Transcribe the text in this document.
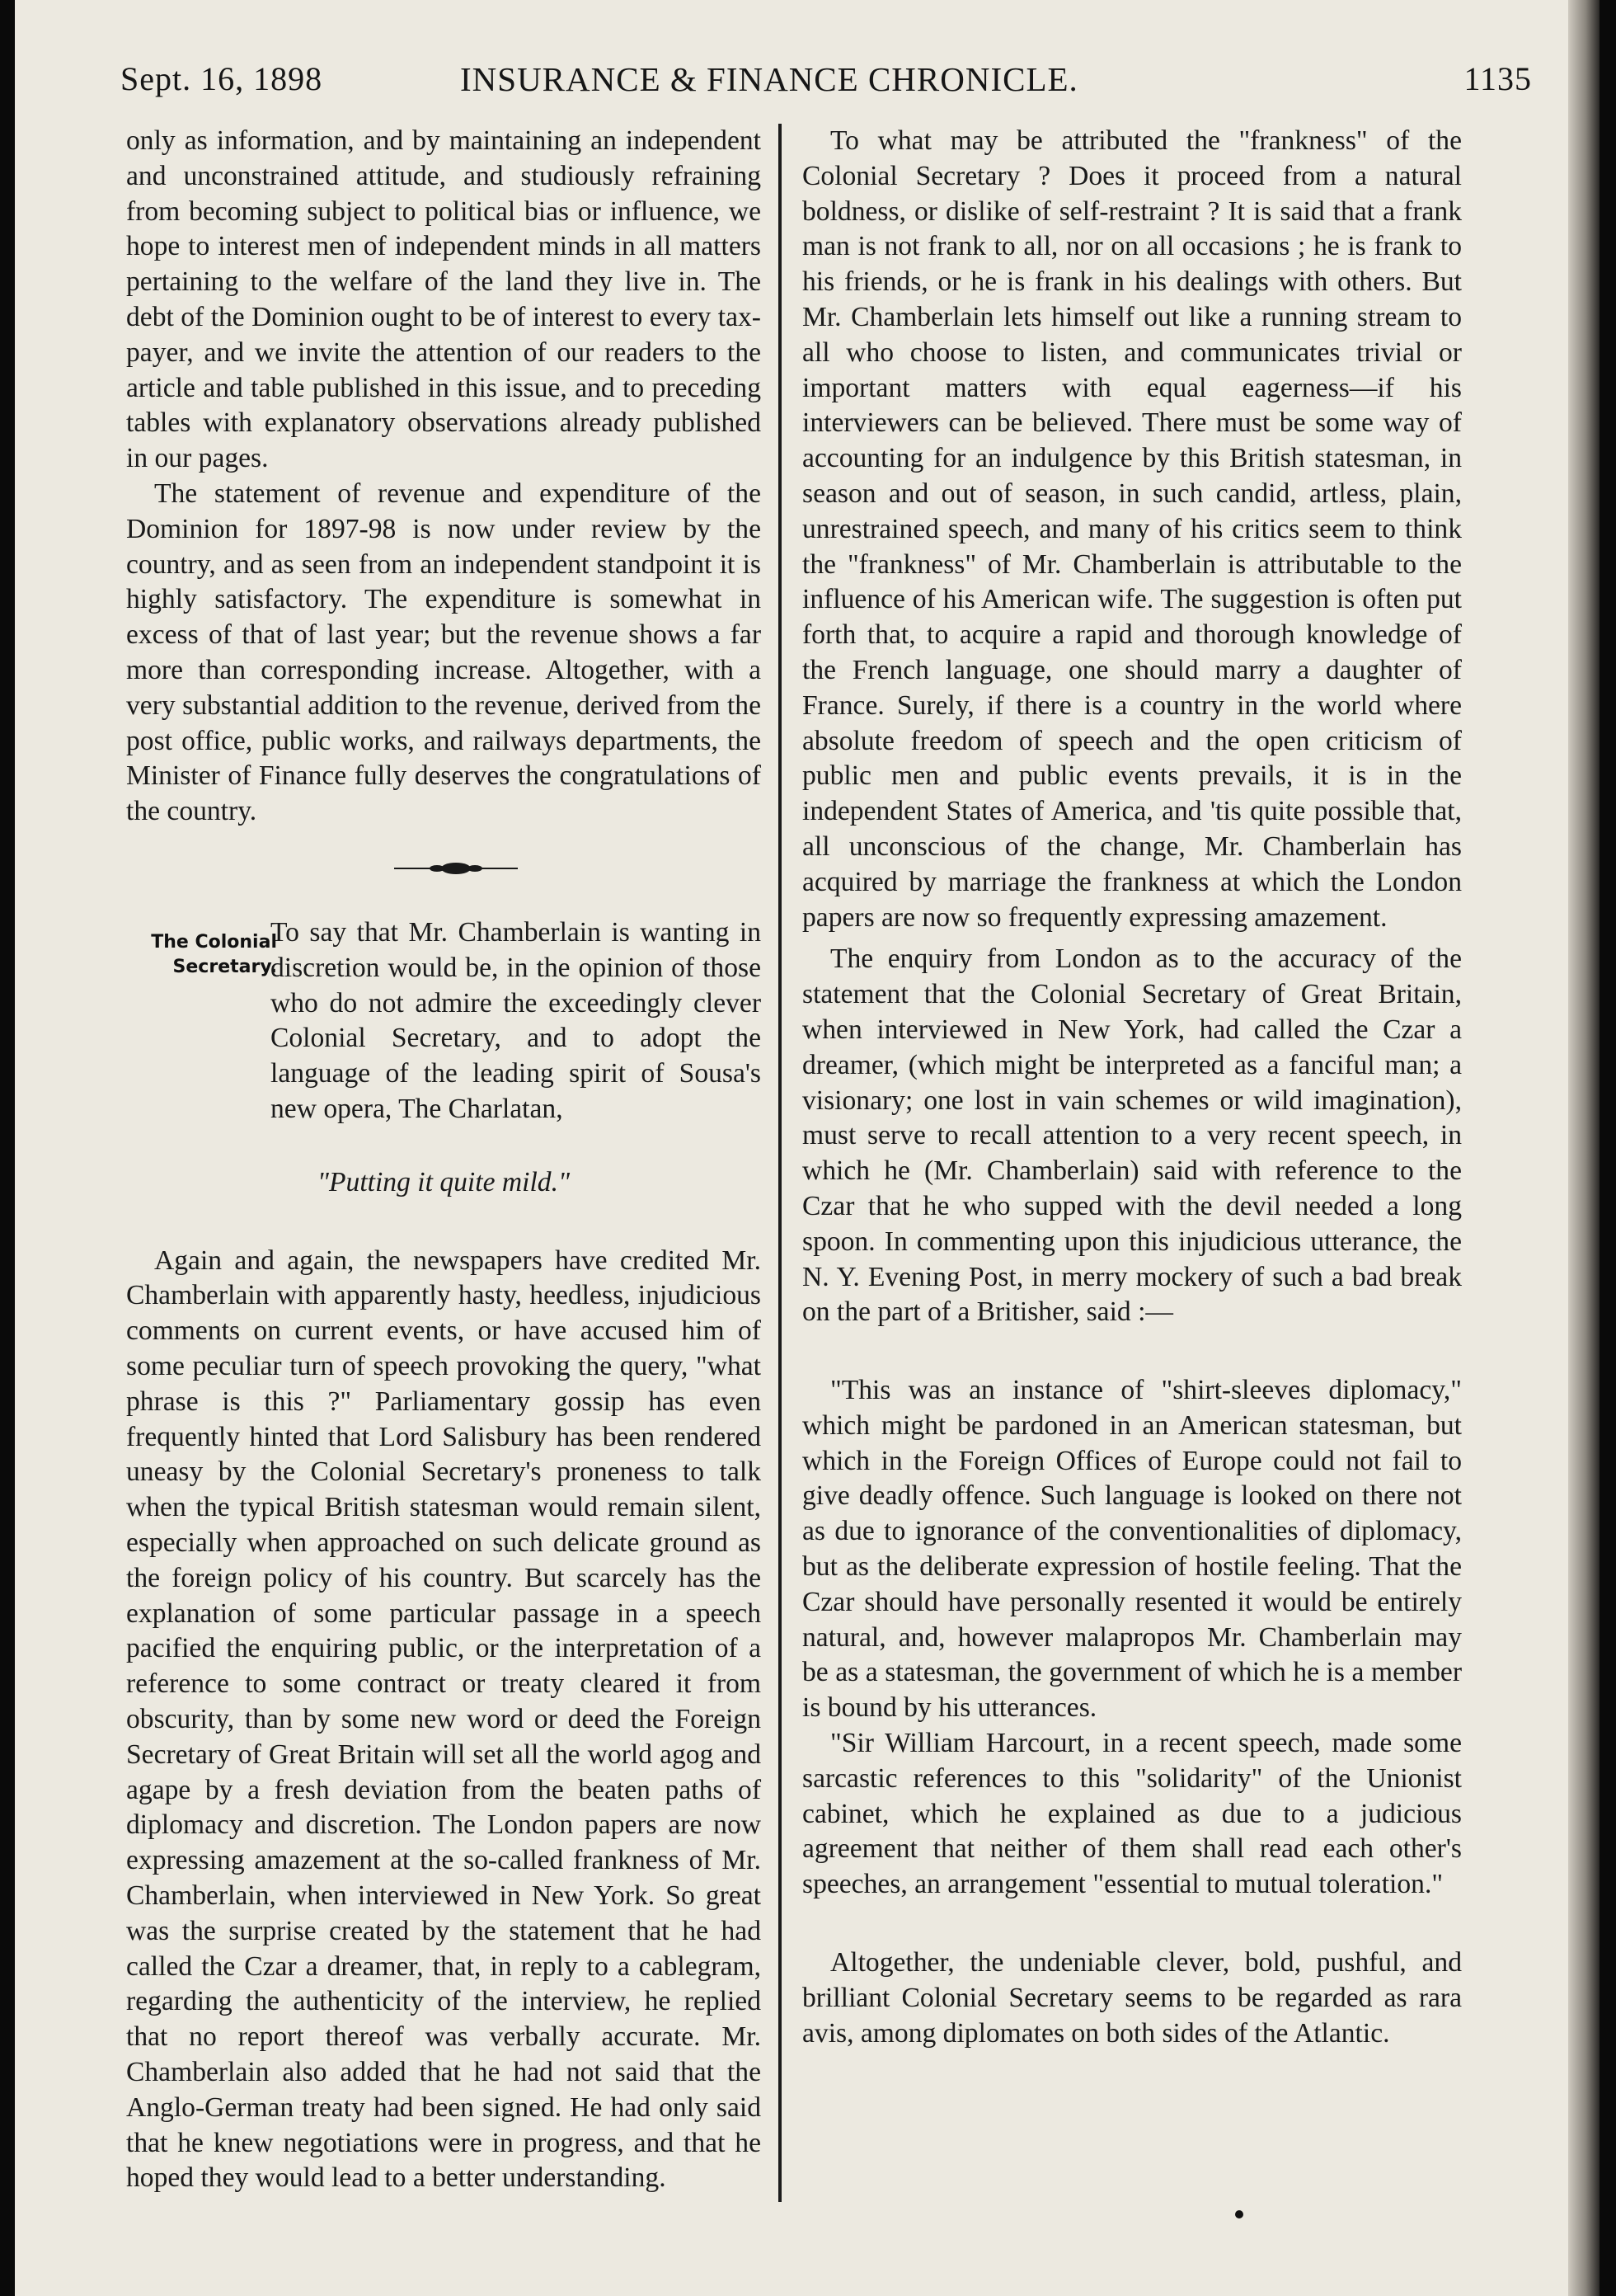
Sept. 16, 1898	INSURANCE & FINANCE CHRONICLE.	1135

only as information, and by maintaining an independent and unconstrained attitude, and studiously refraining from becoming subject to political bias or influence, we hope to interest men of independent minds in all matters pertaining to the welfare of the land they live in. The debt of the Dominion ought to be of interest to every tax-payer, and we invite the attention of our readers to the article and table published in this issue, and to preceding tables with explanatory observations already published in our pages.

The statement of revenue and expenditure of the Dominion for 1897-98 is now under review by the country, and as seen from an independent standpoint it is highly satisfactory. The expenditure is somewhat in excess of that of last year; but the revenue shows a far more than corresponding increase. Altogether, with a very substantial addition to the revenue, derived from the post office, public works, and railways departments, the Minister of Finance fully deserves the congratulations of the country.

The Colonial
Secretary.

To say that Mr. Chamberlain is wanting in discretion would be, in the opinion of those who do not admire the exceedingly clever Colonial Secretary, and to adopt the language of the leading spirit of Sousa's new opera, The Charlatan,

"Putting it quite mild."

Again and again, the newspapers have credited Mr. Chamberlain with apparently hasty, heedless, injudicious comments on current events, or have accused him of some peculiar turn of speech provoking the query, "what phrase is this ?" Parliamentary gossip has even frequently hinted that Lord Salisbury has been rendered uneasy by the Colonial Secretary's proneness to talk when the typical British statesman would remain silent, especially when approached on such delicate ground as the foreign policy of his country. But scarcely has the explanation of some particular passage in a speech pacified the enquiring public, or the interpretation of a reference to some contract or treaty cleared it from obscurity, than by some new word or deed the Foreign Secretary of Great Britain will set all the world agog and agape by a fresh deviation from the beaten paths of diplomacy and discretion. The London papers are now expressing amazement at the so-called frankness of Mr. Chamberlain, when interviewed in New York. So great was the surprise created by the statement that he had called the Czar a dreamer, that, in reply to a cablegram, regarding the authenticity of the interview, he replied that no report thereof was verbally accurate. Mr. Chamberlain also added that he had not said that the Anglo-German treaty had been signed. He had only said that he knew negotiations were in progress, and that he hoped they would lead to a better understanding.

To what may be attributed the "frankness" of the Colonial Secretary ? Does it proceed from a natural boldness, or dislike of self-restraint ? It is said that a frank man is not frank to all, nor on all occasions ; he is frank to his friends, or he is frank in his dealings with others. But Mr. Chamberlain lets himself out like a running stream to all who choose to listen, and communicates trivial or important matters with equal eagerness—if his interviewers can be believed. There must be some way of accounting for an indulgence by this British statesman, in season and out of season, in such candid, artless, plain, unrestrained speech, and many of his critics seem to think the "frankness" of Mr. Chamberlain is attributable to the influence of his American wife. The suggestion is often put forth that, to acquire a rapid and thorough knowledge of the French language, one should marry a daughter of France. Surely, if there is a country in the world where absolute freedom of speech and the open criticism of public men and public events prevails, it is in the independent States of America, and 'tis quite possible that, all unconscious of the change, Mr. Chamberlain has acquired by marriage the frankness at which the London papers are now so frequently expressing amazement.

The enquiry from London as to the accuracy of the statement that the Colonial Secretary of Great Britain, when interviewed in New York, had called the Czar a dreamer, (which might be interpreted as a fanciful man; a visionary; one lost in vain schemes or wild imagination), must serve to recall attention to a very recent speech, in which he (Mr. Chamberlain) said with reference to the Czar that he who supped with the devil needed a long spoon. In commenting upon this injudicious utterance, the N. Y. Evening Post, in merry mockery of such a bad break on the part of a Britisher, said :—

"This was an instance of "shirt-sleeves diplomacy," which might be pardoned in an American statesman, but which in the Foreign Offices of Europe could not fail to give deadly offence. Such language is looked on there not as due to ignorance of the conventionalities of diplomacy, but as the deliberate expression of hostile feeling. That the Czar should have personally resented it would be entirely natural, and, however malapropos Mr. Chamberlain may be as a statesman, the government of which he is a member is bound by his utterances.

"Sir William Harcourt, in a recent speech, made some sarcastic references to this "solidarity" of the Unionist cabinet, which he explained as due to a judicious agreement that neither of them shall read each other's speeches, an arrangement "essential to mutual toleration."

Altogether, the undeniable clever, bold, pushful, and brilliant Colonial Secretary seems to be regarded as rara avis, among diplomates on both sides of the Atlantic.
